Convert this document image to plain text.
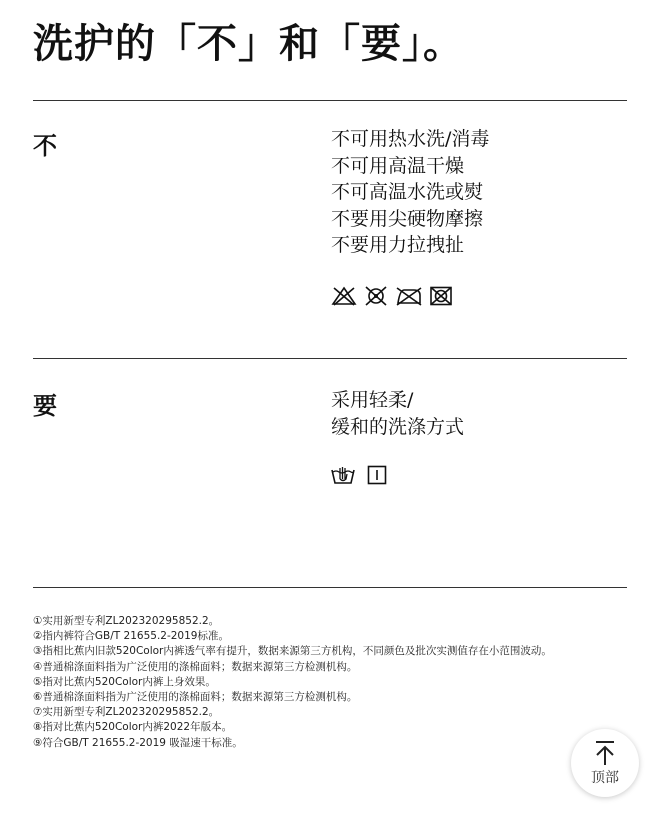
洗护的「不」和「要」。
不	不可用热水洗/消毒
不可用高温干燥
不可高温水洗或熨
不要用尖硬物摩擦
不要用力拉拽扯
要	采用轻柔/
缓和的洗涤方式
①实用新型专利ZL202320295852.2。
②指内裤符合GB/T 21655.2-2019标准。
③指相比蕉内旧款520Color内裤透气率有提升，数据来源第三方机构，不同颜色及批次实测值存在小范围波动。
④普通棉涤面料指为广泛使用的涤棉面料；数据来源第三方检测机构。
⑤指对比蕉内520Color内裤上身效果。
⑥普通棉涤面料指为广泛使用的涤棉面料；数据来源第三方检测机构。
⑦实用新型专利ZL202320295852.2。
⑧指对比蕉内520Color内裤2022年版本。
⑨符合GB/T 21655.2-2019 吸湿速干标准。
顶部
